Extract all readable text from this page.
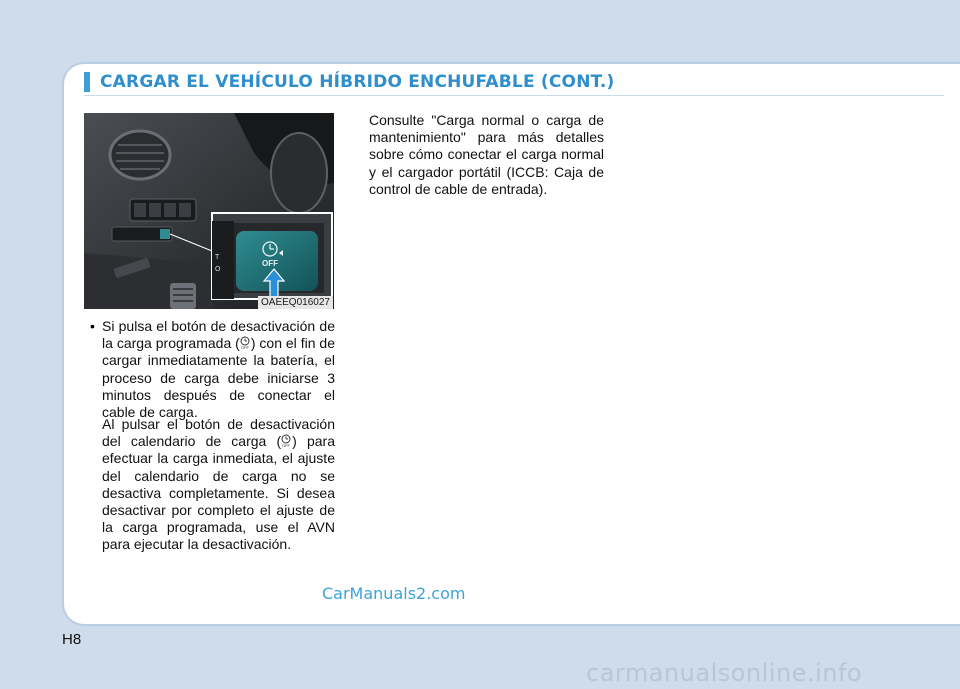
CARGAR EL VEHÍCULO HÍBRIDO ENCHUFABLE (CONT.)
T
O
OFF
OAEEQ016027
• Si pulsa el botón de desactivación de la carga programada ( OFF ) con el fin de cargar inmediatamente la batería, el proceso de carga debe iniciarse 3 minutos después de conectar el cable de carga.
Al pulsar el botón de desactivación del calendario de carga ( OFF ) para efectuar la carga inmediata, el ajuste del calendario de carga no se desactiva completamente. Si desea desactivar por completo el ajuste de la carga programada, use el AVN para ejecutar la desactivación.
Consulte "Carga normal o carga de mantenimiento" para más detalles sobre cómo conectar el carga normal y el cargador portátil (ICCB: Caja de control de cable de entrada).
CarManuals2.com
H8
carmanualsonline.info
